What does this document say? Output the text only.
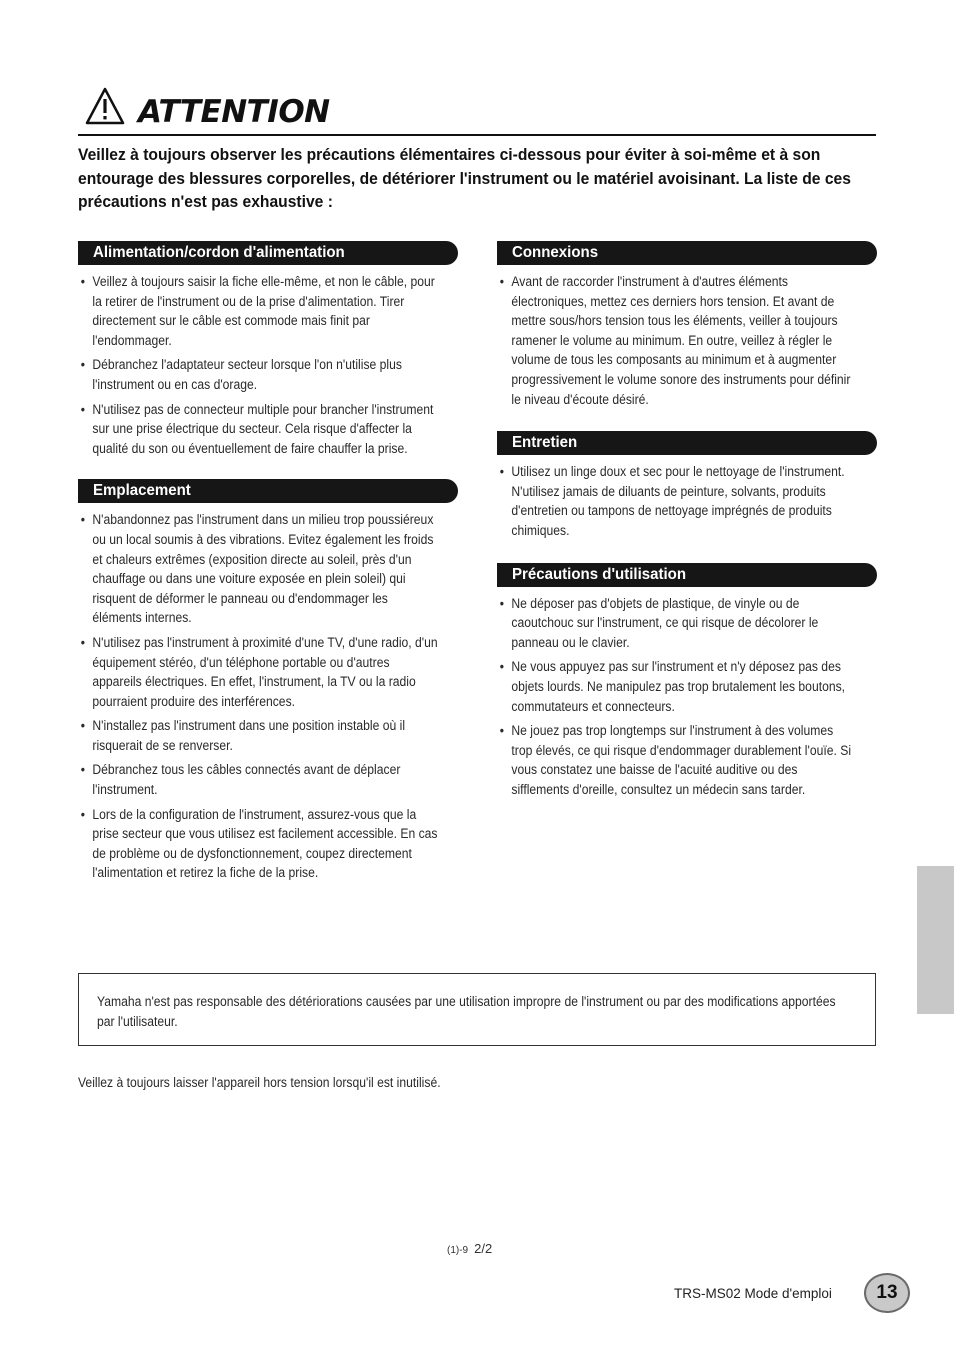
ATTENTION
Veillez à toujours observer les précautions élémentaires ci-dessous pour éviter à soi-même et à son entourage des blessures corporelles, de détériorer l'instrument ou le matériel avoisinant. La liste de ces précautions n'est pas exhaustive :
Alimentation/cordon d'alimentation
• Veillez à toujours saisir la fiche elle-même, et non le câble, pour la retirer de l'instrument ou de la prise d'alimentation. Tirer directement sur le câble est commode mais finit par l'endommager.
• Débranchez l'adaptateur secteur lorsque l'on n'utilise plus l'instrument ou en cas d'orage.
• N'utilisez pas de connecteur multiple pour brancher l'instrument sur une prise électrique du secteur. Cela risque d'affecter la qualité du son ou éventuellement de faire chauffer la prise.
Emplacement
• N'abandonnez pas l'instrument dans un milieu trop poussiéreux ou un local soumis à des vibrations. Evitez également les froids et chaleurs extrêmes (exposition directe au soleil, près d'un chauffage ou dans une voiture exposée en plein soleil) qui risquent de déformer le panneau ou d'endommager les éléments internes.
• N'utilisez pas l'instrument à proximité d'une TV, d'une radio, d'un équipement stéréo, d'un téléphone portable ou d'autres appareils électriques. En effet, l'instrument, la TV ou la radio pourraient produire des interférences.
• N'installez pas l'instrument dans une position instable où il risquerait de se renverser.
• Débranchez tous les câbles connectés avant de déplacer l'instrument.
• Lors de la configuration de l'instrument, assurez-vous que la prise secteur que vous utilisez est facilement accessible. En cas de problème ou de dysfonctionnement, coupez directement l'alimentation et retirez la fiche de la prise.
Connexions
• Avant de raccorder l'instrument à d'autres éléments électroniques, mettez ces derniers hors tension. Et avant de mettre sous/hors tension tous les éléments, veiller à toujours ramener le volume au minimum. En outre, veillez à régler le volume de tous les composants au minimum et à augmenter progressivement le volume sonore des instruments pour définir le niveau d'écoute désiré.
Entretien
• Utilisez un linge doux et sec pour le nettoyage de l'instrument. N'utilisez jamais de diluants de peinture, solvants, produits d'entretien ou tampons de nettoyage imprégnés de produits chimiques.
Précautions d'utilisation
• Ne déposer pas d'objets de plastique, de vinyle ou de caoutchouc sur l'instrument, ce qui risque de décolorer le panneau ou le clavier.
• Ne vous appuyez pas sur l'instrument et n'y déposez pas des objets lourds. Ne manipulez pas trop brutalement les boutons, commutateurs et connecteurs.
• Ne jouez pas trop longtemps sur l'instrument à des volumes trop élevés, ce qui risque d'endommager durablement l'ouïe. Si vous constatez une baisse de l'acuité auditive ou des sifflements d'oreille, consultez un médecin sans tarder.
Yamaha n'est pas responsable des détériorations causées par une utilisation impropre de l'instrument ou par des modifications apportées par l'utilisateur.
Veillez à toujours laisser l'appareil hors tension lorsqu'il est inutilisé.
(1)-9 2/2
TRS-MS02 Mode d'emploi	13
